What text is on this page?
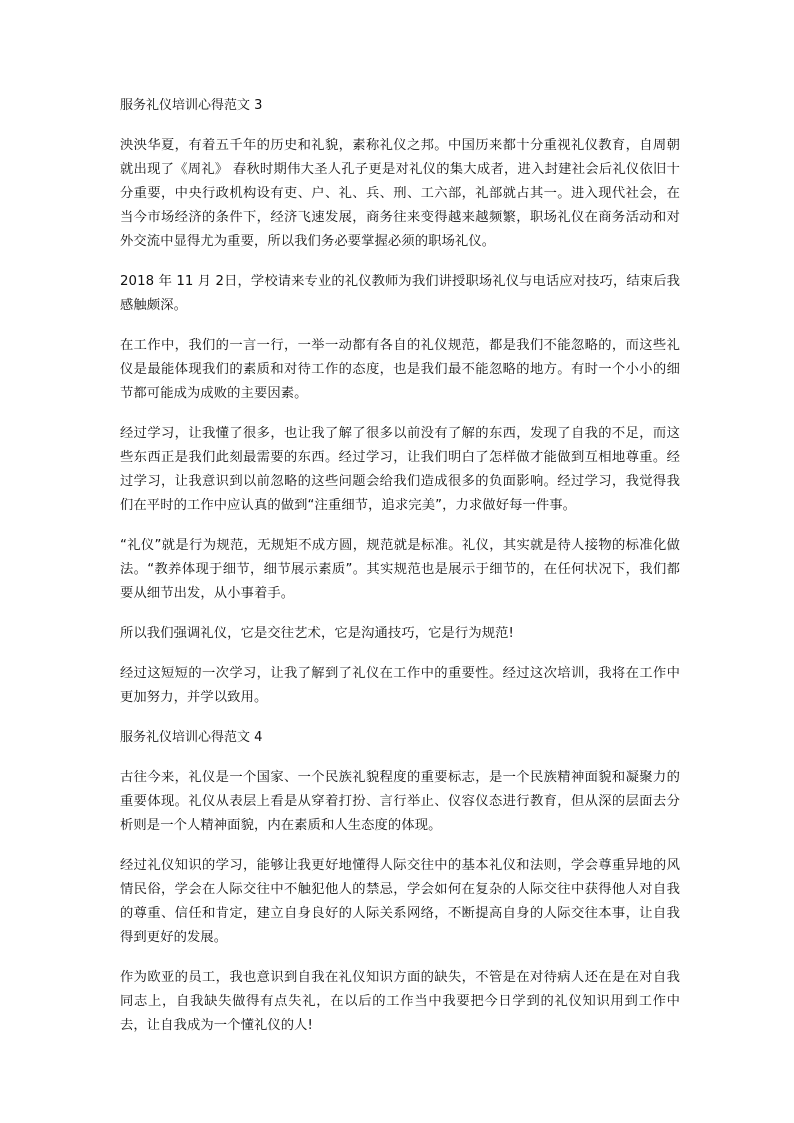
服务礼仪培训心得范文 3

泱泱华夏，有着五千年的历史和礼貌，素称礼仪之邦。中国历来都十分重视礼仪教育，自周朝就出现了《周礼》 春秋时期伟大圣人孔子更是对礼仪的集大成者，进入封建社会后礼仪依旧十分重要，中央行政机构设有吏、户、礼、兵、刑、工六部，礼部就占其一。进入现代社会，在当今市场经济的条件下，经济飞速发展，商务往来变得越来越频繁，职场礼仪在商务活动和对外交流中显得尤为重要，所以我们务必要掌握必须的职场礼仪。

2018 年 11 月 2日，学校请来专业的礼仪教师为我们讲授职场礼仪与电话应对技巧，结束后我感触颇深。

在工作中，我们的一言一行，一举一动都有各自的礼仪规范，都是我们不能忽略的，而这些礼仪是最能体现我们的素质和对待工作的态度，也是我们最不能忽略的地方。有时一个小小的细节都可能成为成败的主要因素。

经过学习，让我懂了很多，也让我了解了很多以前没有了解的东西，发现了自我的不足，而这些东西正是我们此刻最需要的东西。经过学习，让我们明白了怎样做才能做到互相地尊重。经过学习，让我意识到以前忽略的这些问题会给我们造成很多的负面影响。经过学习，我觉得我们在平时的工作中应认真的做到“注重细节，追求完美”，力求做好每一件事。

“礼仪”就是行为规范，无规矩不成方圆，规范就是标准。礼仪，其实就是待人接物的标准化做法。“教养体现于细节，细节展示素质”。其实规范也是展示于细节的，在任何状况下，我们都要从细节出发，从小事着手。

所以我们强调礼仪，它是交往艺术，它是沟通技巧，它是行为规范!

经过这短短的一次学习，让我了解到了礼仪在工作中的重要性。经过这次培训，我将在工作中更加努力，并学以致用。

服务礼仪培训心得范文 4

古往今来，礼仪是一个国家、一个民族礼貌程度的重要标志，是一个民族精神面貌和凝聚力的重要体现。礼仪从表层上看是从穿着打扮、言行举止、仪容仪态进行教育，但从深的层面去分析则是一个人精神面貌，内在素质和人生态度的体现。

经过礼仪知识的学习，能够让我更好地懂得人际交往中的基本礼仪和法则，学会尊重异地的风情民俗，学会在人际交往中不触犯他人的禁忌，学会如何在复杂的人际交往中获得他人对自我的尊重、信任和肯定，建立自身良好的人际关系网络，不断提高自身的人际交往本事，让自我得到更好的发展。

作为欧亚的员工，我也意识到自我在礼仪知识方面的缺失，不管是在对待病人还在是在对自我同志上，自我缺失做得有点失礼，在以后的工作当中我要把今日学到的礼仪知识用到工作中去，让自我成为一个懂礼仪的人!
